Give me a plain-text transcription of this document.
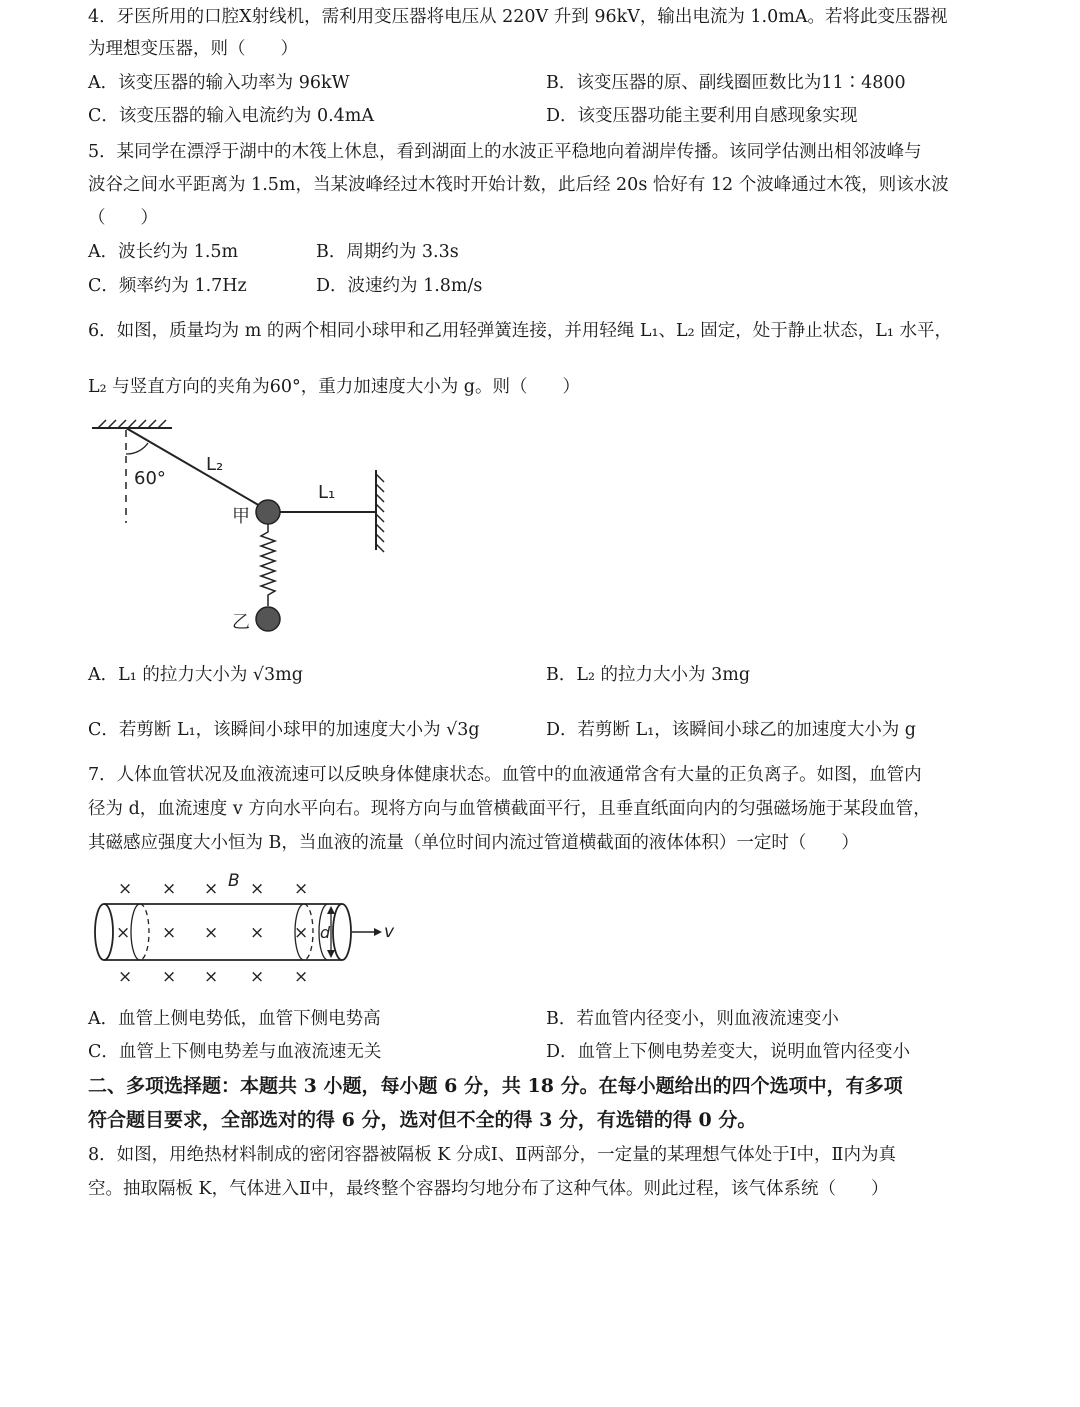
4．牙医所用的口腔X射线机，需利用变压器将电压从 220V 升到 96kV，输出电流为 1.0mA。若将此变压器视
为理想变压器，则（　　）
A．该变压器的输入功率为 96kW	B．该变压器的原、副线圈匝数比为11∶4800
C．该变压器的输入电流约为 0.4mA	D．该变压器功能主要利用自感现象实现
5．某同学在漂浮于湖中的木筏上休息，看到湖面上的水波正平稳地向着湖岸传播。该同学估测出相邻波峰与
波谷之间水平距离为 1.5m，当某波峰经过木筏时开始计数，此后经 20s 恰好有 12 个波峰通过木筏，则该水波
（　　）
A．波长约为 1.5m	B．周期约为 3.3s
C．频率约为 1.7Hz	D．波速约为 1.8m/s
6．如图，质量均为 m 的两个相同小球甲和乙用轻弹簧连接，并用轻绳 L₁、L₂ 固定，处于静止状态，L₁ 水平，
L₂ 与竖直方向的夹角为60°，重力加速度大小为 g。则（　　）
60°
L₂
L₁
甲
乙
A．L₁ 的拉力大小为 √3mg	B．L₂ 的拉力大小为 3mg
C．若剪断 L₁，该瞬间小球甲的加速度大小为 √3g	D．若剪断 L₁，该瞬间小球乙的加速度大小为 g
7．人体血管状况及血液流速可以反映身体健康状态。血管中的血液通常含有大量的正负离子。如图，血管内
径为 d，血流速度 v 方向水平向右。现将方向与血管横截面平行，且垂直纸面向内的匀强磁场施于某段血管，
其磁感应强度大小恒为 B，当血液的流量（单位时间内流过管道横截面的液体体积）一定时（　　）
× × × × ×
B
× × × × × d	v
× × × × ×
A．血管上侧电势低，血管下侧电势高	B．若血管内径变小，则血液流速变小
C．血管上下侧电势差与血液流速无关	D．血管上下侧电势差变大，说明血管内径变小
二、多项选择题：本题共 3 小题，每小题 6 分，共 18 分。在每小题给出的四个选项中，有多项
符合题目要求，全部选对的得 6 分，选对但不全的得 3 分，有选错的得 0 分。
8．如图，用绝热材料制成的密闭容器被隔板 K 分成Ⅰ、Ⅱ两部分，一定量的某理想气体处于Ⅰ中，Ⅱ内为真
空。抽取隔板 K，气体进入Ⅱ中，最终整个容器均匀地分布了这种气体。则此过程，该气体系统（　　）
